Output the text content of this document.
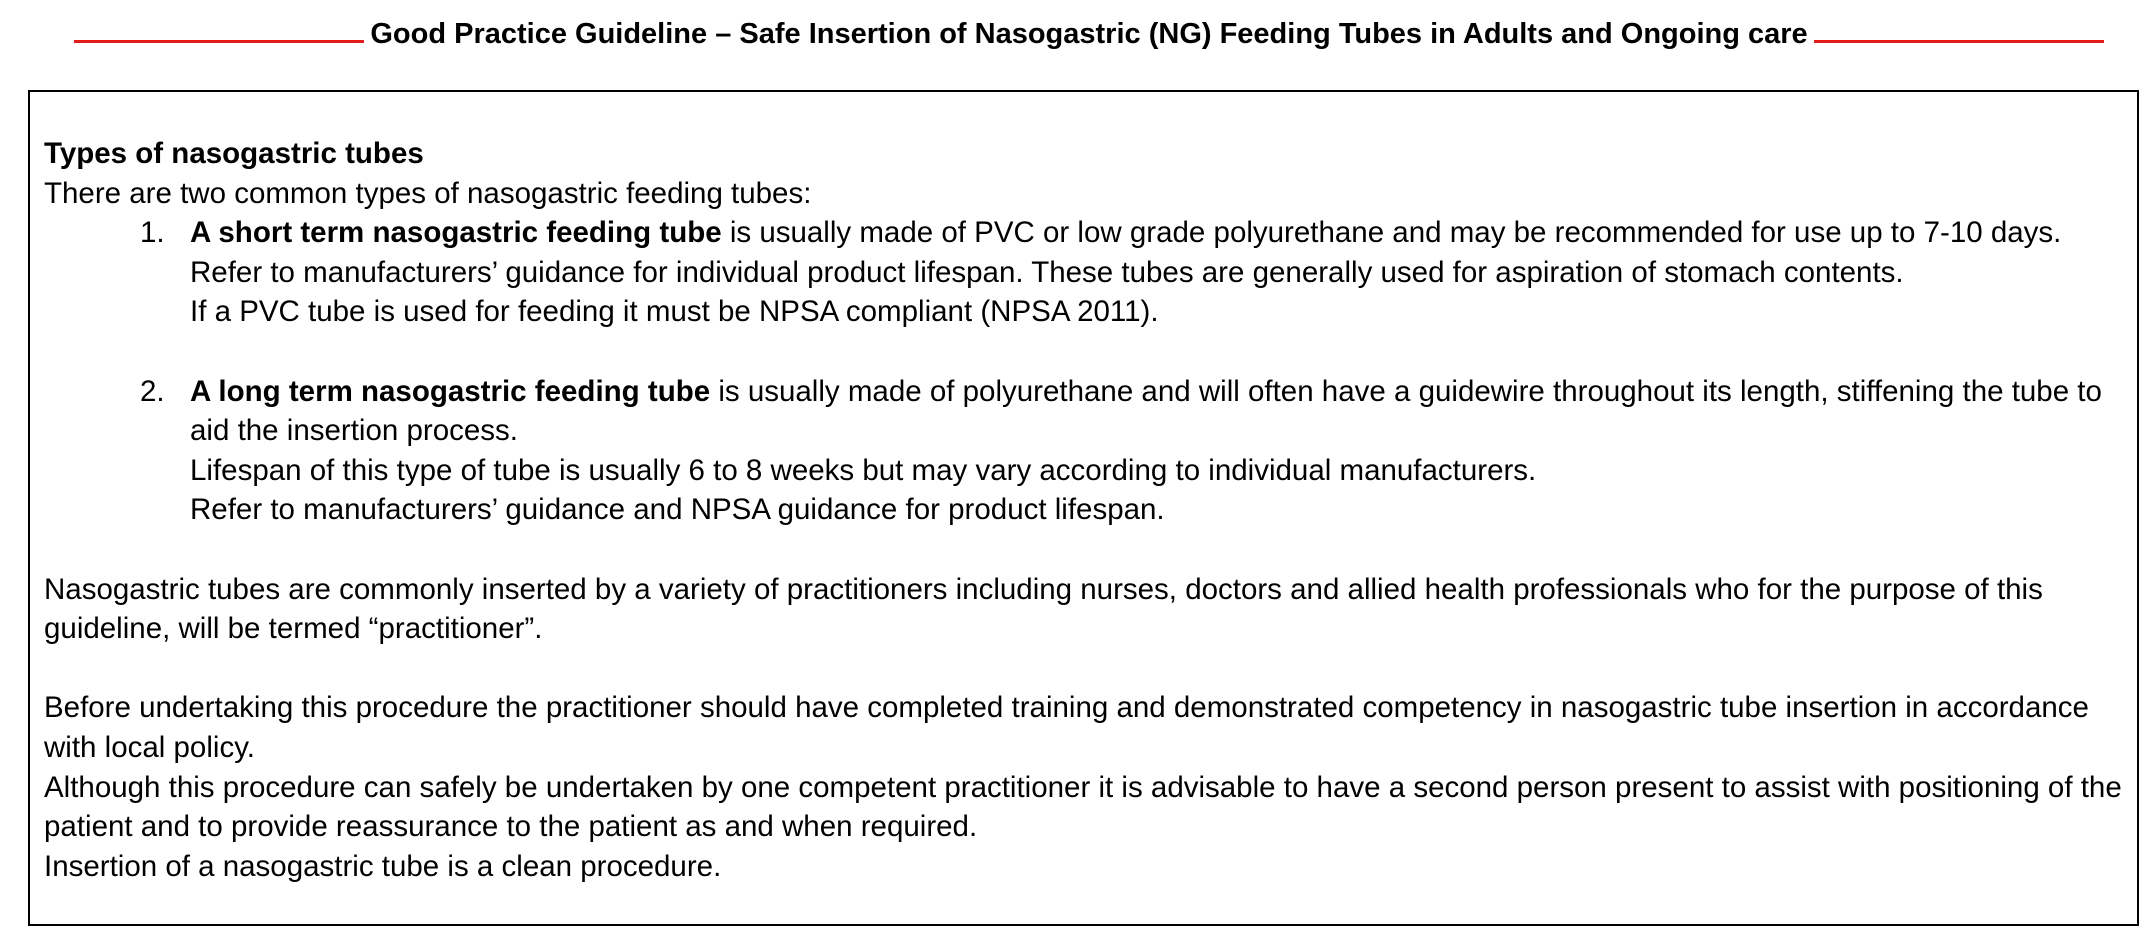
Good Practice Guideline – Safe Insertion of Nasogastric (NG) Feeding Tubes in Adults and Ongoing care

Types of nasogastric tubes

There are two common types of nasogastric feeding tubes:

1. A short term nasogastric feeding tube is usually made of PVC or low grade polyurethane and may be recommended for use up to 7-10 days.
Refer to manufacturers’ guidance for individual product lifespan. These tubes are generally used for aspiration of stomach contents.
If a PVC tube is used for feeding it must be NPSA compliant (NPSA 2011).
2. A long term nasogastric feeding tube is usually made of polyurethane and will often have a guidewire throughout its length, stiffening the tube to aid the insertion process.
Lifespan of this type of tube is usually 6 to 8 weeks but may vary according to individual manufacturers.
Refer to manufacturers’ guidance and NPSA guidance for product lifespan.

Nasogastric tubes are commonly inserted by a variety of practitioners including nurses, doctors and allied health professionals who for the purpose of this guideline, will be termed “practitioner”.

Before undertaking this procedure the practitioner should have completed training and demonstrated competency in nasogastric tube insertion in accordance with local policy.

Although this procedure can safely be undertaken by one competent practitioner it is advisable to have a second person present to assist with positioning of the patient and to provide reassurance to the patient as and when required.

Insertion of a nasogastric tube is a clean procedure.
